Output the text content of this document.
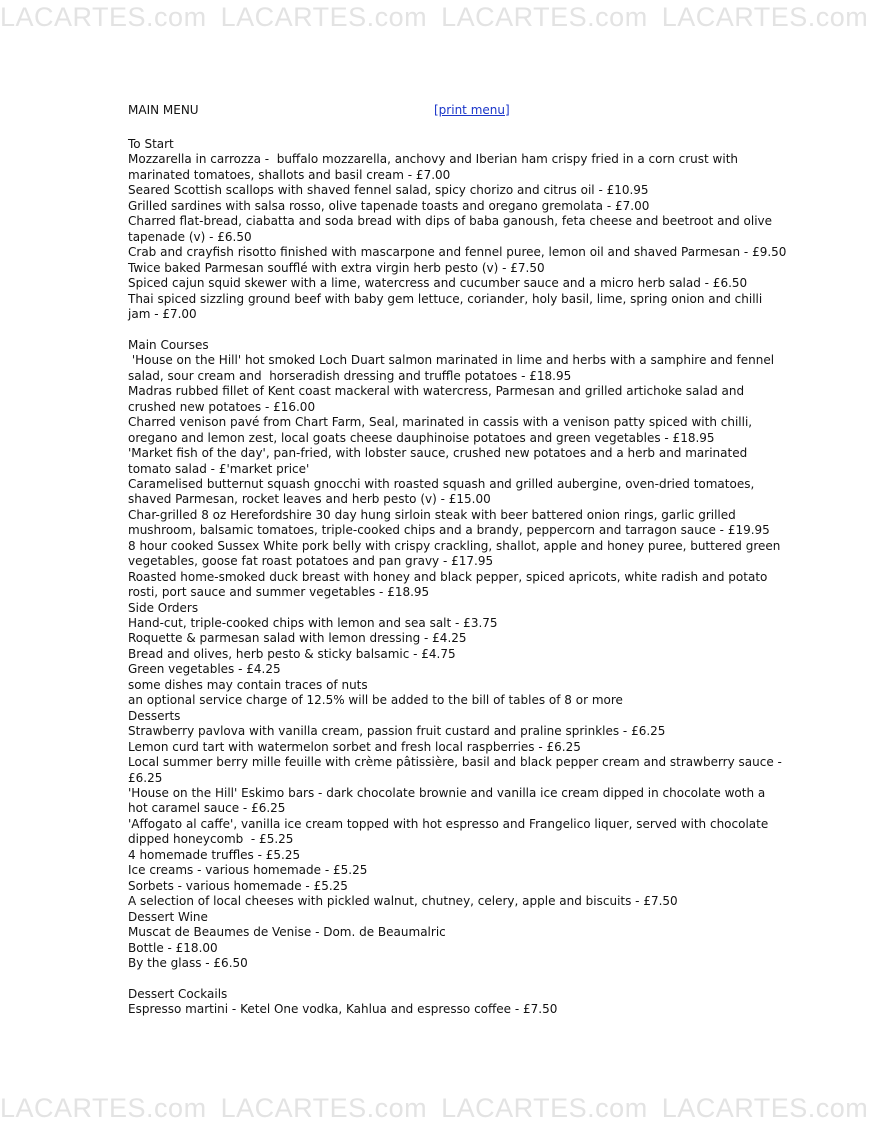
LACARTES.com LACARTES.com LACARTES.com LACARTES.com
MAIN MENU	[print menu]
To Start
Mozzarella in carrozza -  buffalo mozzarella, anchovy and Iberian ham crispy fried in a corn crust with
marinated tomatoes, shallots and basil cream - £7.00
Seared Scottish scallops with shaved fennel salad, spicy chorizo and citrus oil - £10.95
Grilled sardines with salsa rosso, olive tapenade toasts and oregano gremolata - £7.00
Charred flat-bread, ciabatta and soda bread with dips of baba ganoush, feta cheese and beetroot and olive
tapenade (v) - £6.50
Crab and crayfish risotto finished with mascarpone and fennel puree, lemon oil and shaved Parmesan - £9.50
Twice baked Parmesan soufflé with extra virgin herb pesto (v) - £7.50
Spiced cajun squid skewer with a lime, watercress and cucumber sauce and a micro herb salad - £6.50
Thai spiced sizzling ground beef with baby gem lettuce, coriander, holy basil, lime, spring onion and chilli
jam - £7.00
Main Courses
'House on the Hill' hot smoked Loch Duart salmon marinated in lime and herbs with a samphire and fennel
salad, sour cream and  horseradish dressing and truffle potatoes - £18.95
Madras rubbed fillet of Kent coast mackeral with watercress, Parmesan and grilled artichoke salad and
crushed new potatoes - £16.00
Charred venison pavé from Chart Farm, Seal, marinated in cassis with a venison patty spiced with chilli,
oregano and lemon zest, local goats cheese dauphinoise potatoes and green vegetables - £18.95
'Market fish of the day', pan-fried, with lobster sauce, crushed new potatoes and a herb and marinated
tomato salad - £'market price'
Caramelised butternut squash gnocchi with roasted squash and grilled aubergine, oven-dried tomatoes,
shaved Parmesan, rocket leaves and herb pesto (v) - £15.00
Char-grilled 8 oz Herefordshire 30 day hung sirloin steak with beer battered onion rings, garlic grilled
mushroom, balsamic tomatoes, triple-cooked chips and a brandy, peppercorn and tarragon sauce - £19.95
8 hour cooked Sussex White pork belly with crispy crackling, shallot, apple and honey puree, buttered green
vegetables, goose fat roast potatoes and pan gravy - £17.95
Roasted home-smoked duck breast with honey and black pepper, spiced apricots, white radish and potato
rosti, port sauce and summer vegetables - £18.95
Side Orders
Hand-cut, triple-cooked chips with lemon and sea salt - £3.75
Roquette & parmesan salad with lemon dressing - £4.25
Bread and olives, herb pesto & sticky balsamic - £4.75
Green vegetables - £4.25
some dishes may contain traces of nuts
an optional service charge of 12.5% will be added to the bill of tables of 8 or more
Desserts
Strawberry pavlova with vanilla cream, passion fruit custard and praline sprinkles - £6.25
Lemon curd tart with watermelon sorbet and fresh local raspberries - £6.25
Local summer berry mille feuille with crème pâtissière, basil and black pepper cream and strawberry sauce -
£6.25
'House on the Hill' Eskimo bars - dark chocolate brownie and vanilla ice cream dipped in chocolate woth a
hot caramel sauce - £6.25
'Affogato al caffe', vanilla ice cream topped with hot espresso and Frangelico liquer, served with chocolate
dipped honeycomb  - £5.25
4 homemade truffles - £5.25
Ice creams - various homemade - £5.25
Sorbets - various homemade - £5.25
A selection of local cheeses with pickled walnut, chutney, celery, apple and biscuits - £7.50
Dessert Wine
Muscat de Beaumes de Venise - Dom. de Beaumalric
Bottle - £18.00
By the glass - £6.50
Dessert Cockails
Espresso martini - Ketel One vodka, Kahlua and espresso coffee - £7.50
LACARTES.com LACARTES.com LACARTES.com LACARTES.com
